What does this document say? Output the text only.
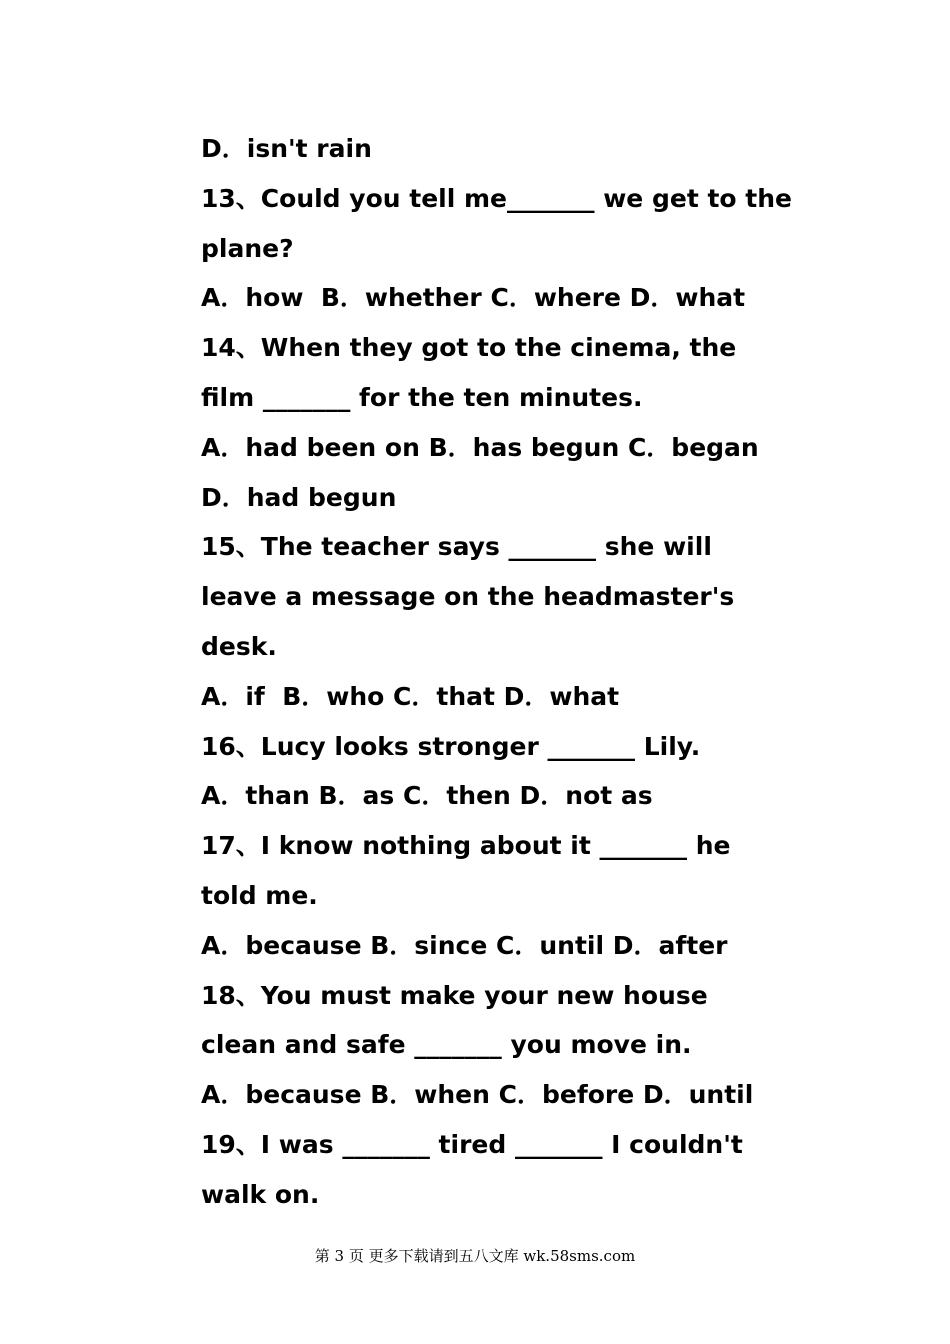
D．isn't rain
13、Could you tell me_______ we get to the
plane?
A．how  B．whether C．where D．what
14、When they got to the cinema, the
film _______ for the ten minutes.
A．had been on B．has begun C．began
D．had begun
15、The teacher says _______ she will
leave a message on the headmaster's
desk.
A．if  B．who C．that D．what
16、Lucy looks stronger _______ Lily.
A．than B．as C．then D．not as
17、I know nothing about it _______ he
told me.
A．because B．since C．until D．after
18、You must make your new house
clean and safe _______ you move in.
A．because B．when C．before D．until
19、I was _______ tired _______ I couldn't
walk on.
第 3 页 更多下载请到五八文库 wk.58sms.com
